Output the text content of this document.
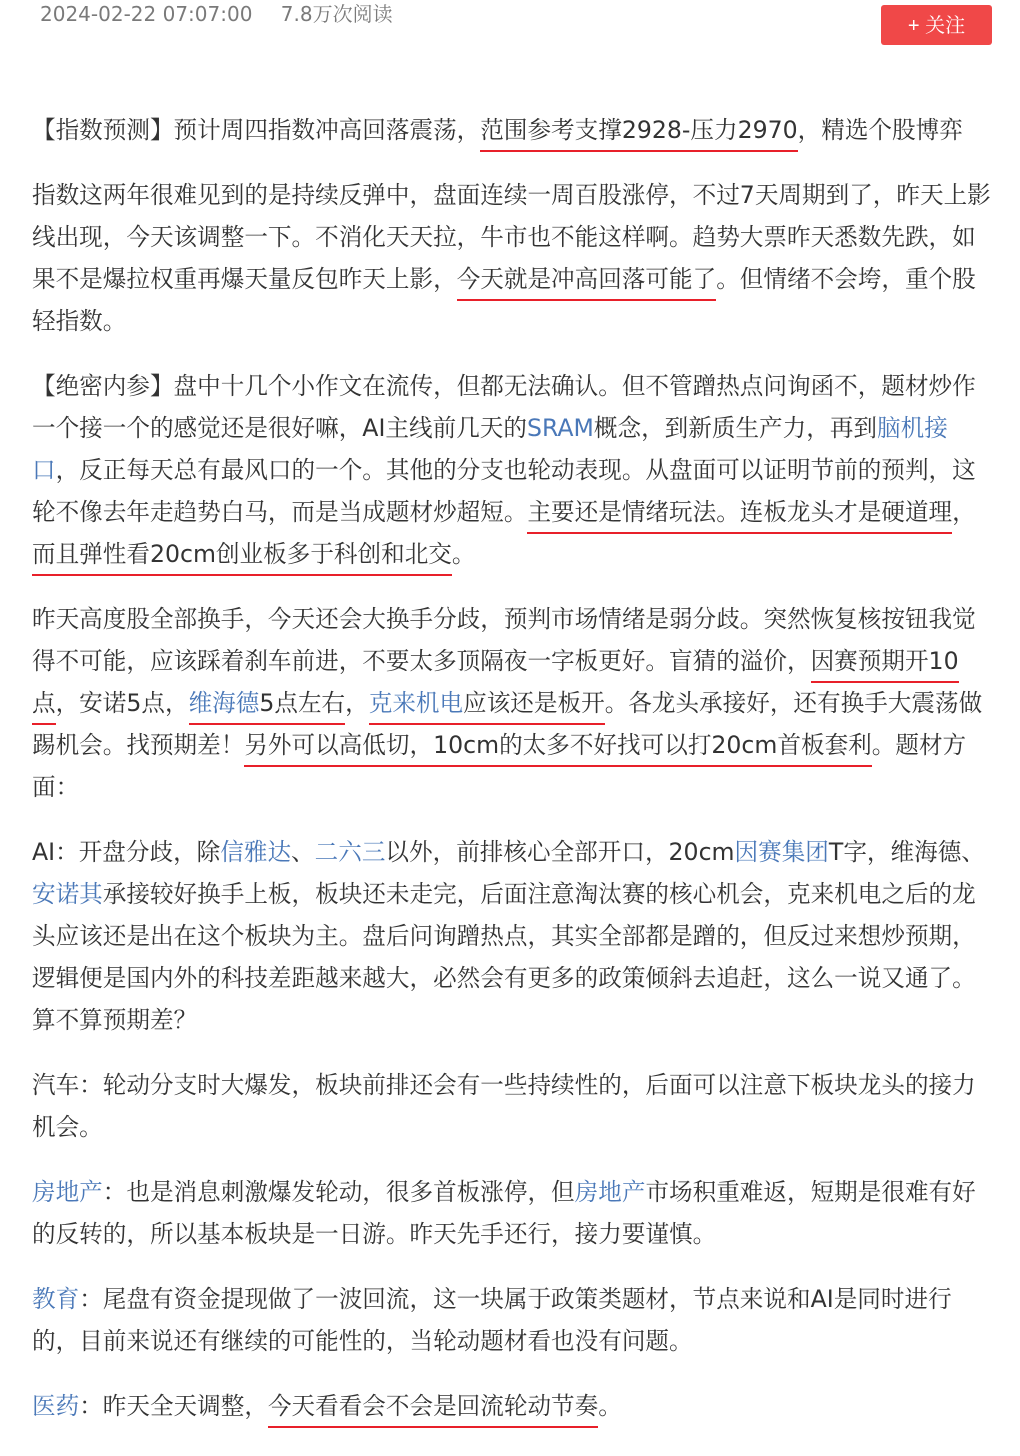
2024-02-22 07:07:00 7.8万次阅读	+ 关注

【指数预测】预计周四指数冲高回落震荡，范围参考支撑2928-压力2970，精选个股博弈

指数这两年很难见到的是持续反弹中，盘面连续一周百股涨停，不过7天周期到了，昨天上影线出现，今天该调整一下。不消化天天拉，牛市也不能这样啊。趋势大票昨天悉数先跌，如果不是爆拉权重再爆天量反包昨天上影，今天就是冲高回落可能了。但情绪不会垮，重个股轻指数。

【绝密内参】盘中十几个小作文在流传，但都无法确认。但不管蹭热点问询函不，题材炒作一个接一个的感觉还是很好嘛，AI主线前几天的SRAM概念，到新质生产力，再到脑机接口，反正每天总有最风口的一个。其他的分支也轮动表现。从盘面可以证明节前的预判，这轮不像去年走趋势白马，而是当成题材炒超短。主要还是情绪玩法。连板龙头才是硬道理，而且弹性看20cm创业板多于科创和北交。

昨天高度股全部换手，今天还会大换手分歧，预判市场情绪是弱分歧。突然恢复核按钮我觉得不可能，应该踩着刹车前进，不要太多顶隔夜一字板更好。盲猜的溢价，因赛预期开10点，安诺5点，维海德5点左右，克来机电应该还是板开。各龙头承接好，还有换手大震荡做踢机会。找预期差！另外可以高低切，10cm的太多不好找可以打20cm首板套利。题材方面：

AI：开盘分歧，除信雅达、二六三以外，前排核心全部开口，20cm因赛集团T字，维海德、安诺其承接较好换手上板，板块还未走完，后面注意淘汰赛的核心机会，克来机电之后的龙头应该还是出在这个板块为主。盘后问询蹭热点，其实全部都是蹭的，但反过来想炒预期，逻辑便是国内外的科技差距越来越大，必然会有更多的政策倾斜去追赶，这么一说又通了。算不算预期差？

汽车：轮动分支时大爆发，板块前排还会有一些持续性的，后面可以注意下板块龙头的接力机会。

房地产：也是消息刺激爆发轮动，很多首板涨停，但房地产市场积重难返，短期是很难有好的反转的，所以基本板块是一日游。昨天先手还行，接力要谨慎。

教育：尾盘有资金提现做了一波回流，这一块属于政策类题材，节点来说和AI是同时进行的，目前来说还有继续的可能性的，当轮动题材看也没有问题。

医药：昨天全天调整，今天看看会不会是回流轮动节奏。
